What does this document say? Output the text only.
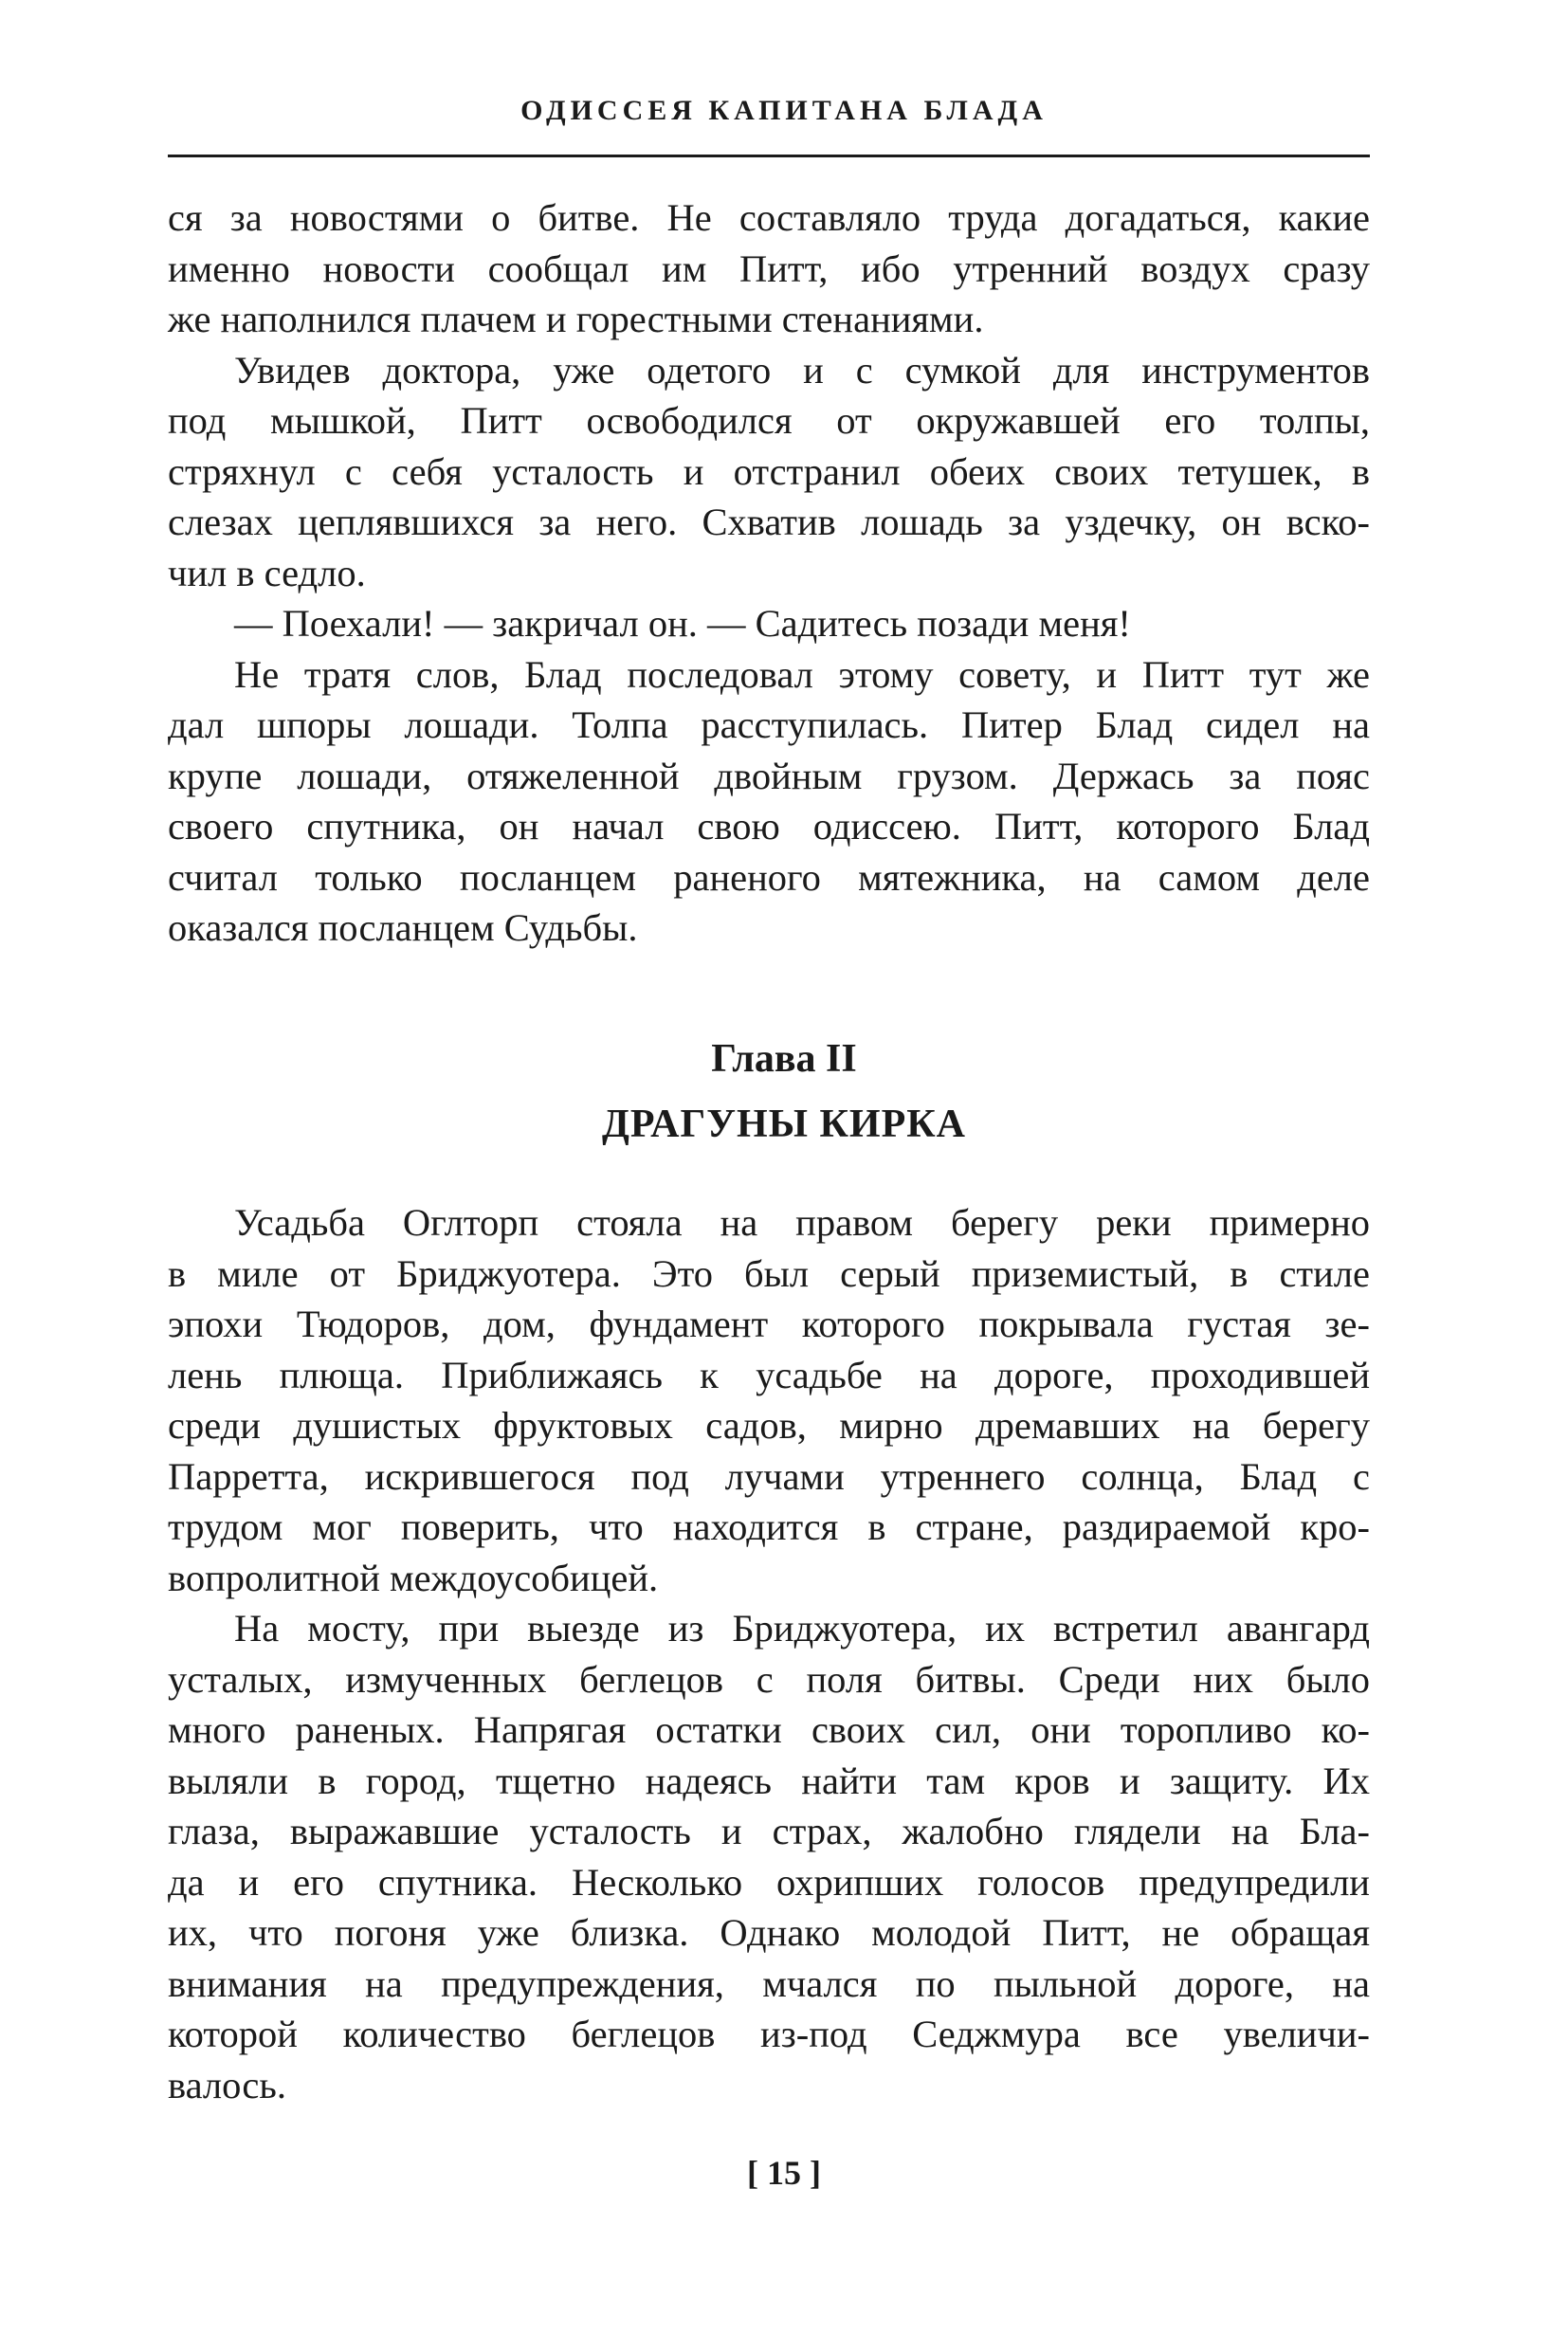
ОДИССЕЯ КАПИТАНА БЛАДА
ся за новостями о битве. Не составляло труда догадаться, какие
именно новости сообщал им Питт, ибо утренний воздух сразу
же наполнился плачем и горестными стенаниями.
Увидев доктора, уже одетого и с сумкой для инструментов
под мышкой, Питт освободился от окружавшей его толпы,
стряхнул с себя усталость и отстранил обеих своих тетушек, в
слезах цеплявшихся за него. Схватив лошадь за уздечку, он вско-
чил в седло.
— Поехали! — закричал он. — Садитесь позади меня!
Не тратя слов, Блад последовал этому совету, и Питт тут же
дал шпоры лошади. Толпа расступилась. Питер Блад сидел на
крупе лошади, отяжеленной двойным грузом. Держась за пояс
своего спутника, он начал свою одиссею. Питт, которого Блад
считал только посланцем раненого мятежника, на самом деле
оказался посланцем Судьбы.
Глава II
ДРАГУНЫ КИРКА
Усадьба Оглторп стояла на правом берегу реки примерно
в миле от Бриджуотера. Это был серый приземистый, в стиле
эпохи Тюдоров, дом, фундамент которого покрывала густая зе-
лень плюща. Приближаясь к усадьбе на дороге, проходившей
среди душистых фруктовых садов, мирно дремавших на берегу
Парретта, искрившегося под лучами утреннего солнца, Блад с
трудом мог поверить, что находится в стране, раздираемой кро-
вопролитной междоусобицей.
На мосту, при выезде из Бриджуотера, их встретил авангард
усталых, измученных беглецов с поля битвы. Среди них было
много раненых. Напрягая остатки своих сил, они торопливо ко-
выляли в город, тщетно надеясь найти там кров и защиту. Их
глаза, выражавшие усталость и страх, жалобно глядели на Бла-
да и его спутника. Несколько охрипших голосов предупредили
их, что погоня уже близка. Однако молодой Питт, не обращая
внимания на предупреждения, мчался по пыльной дороге, на
которой количество беглецов из-под Седжмура все увеличи-
валось.
[ 15 ]
